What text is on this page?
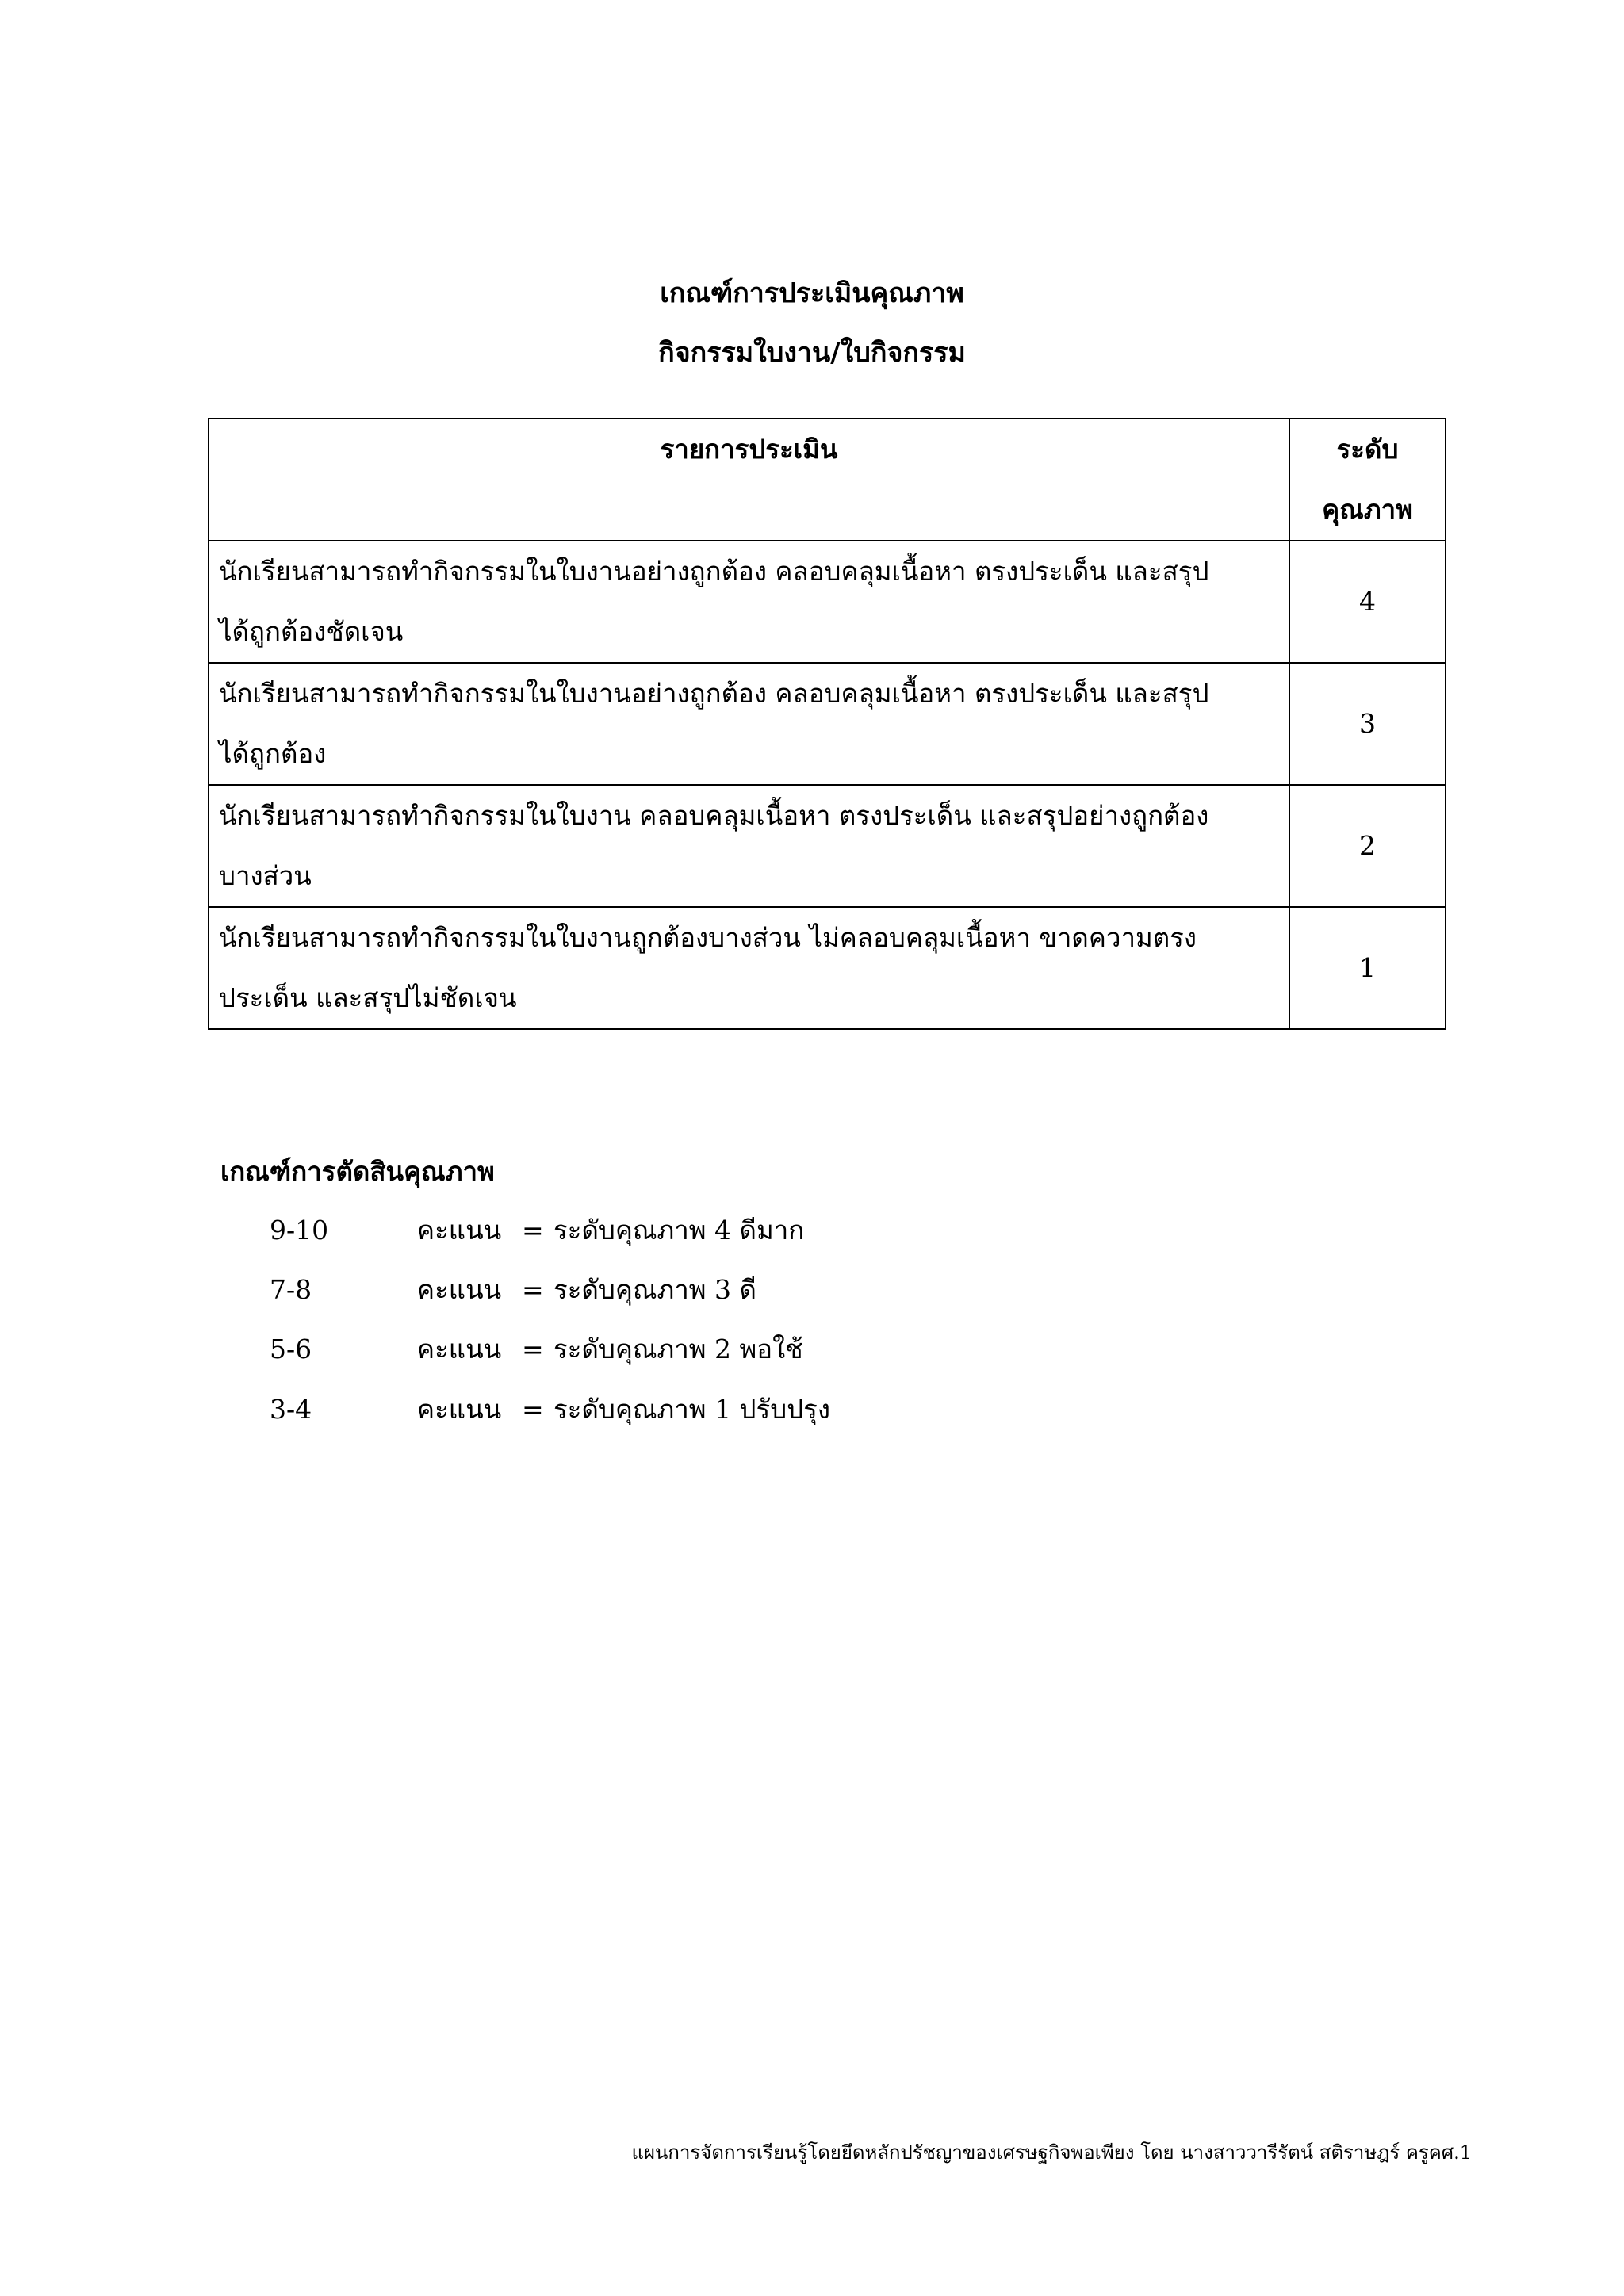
เกณฑ์การประเมินคุณภาพ
กิจกรรมใบงาน/ใบกิจกรรม
รายการประเมิน	ระดับ
คุณภาพ

นักเรียนสามารถทำกิจกรรมในใบงานอย่างถูกต้อง คลอบคลุมเนื้อหา ตรงประเด็น และสรุป
ได้ถูกต้องชัดเจน	4

นักเรียนสามารถทำกิจกรรมในใบงานอย่างถูกต้อง คลอบคลุมเนื้อหา ตรงประเด็น และสรุป
ได้ถูกต้อง	3

นักเรียนสามารถทำกิจกรรมในใบงาน คลอบคลุมเนื้อหา ตรงประเด็น และสรุปอย่างถูกต้อง
บางส่วน	2

นักเรียนสามารถทำกิจกรรมในใบงานถูกต้องบางส่วน ไม่คลอบคลุมเนื้อหา ขาดความตรง
ประเด็น และสรุปไม่ชัดเจน	1
เกณฑ์การตัดสินคุณภาพ
9-10	คะแนน = ระดับคุณภาพ 4 ดีมาก
7-8	คะแนน = ระดับคุณภาพ 3 ดี
5-6	คะแนน = ระดับคุณภาพ 2 พอใช้
3-4	คะแนน = ระดับคุณภาพ 1 ปรับปรุง
แผนการจัดการเรียนรู้โดยยึดหลักปรัชญาของเศรษฐกิจพอเพียง โดย นางสาววารีรัตน์ สติราษฎร์ ครูคศ.1
